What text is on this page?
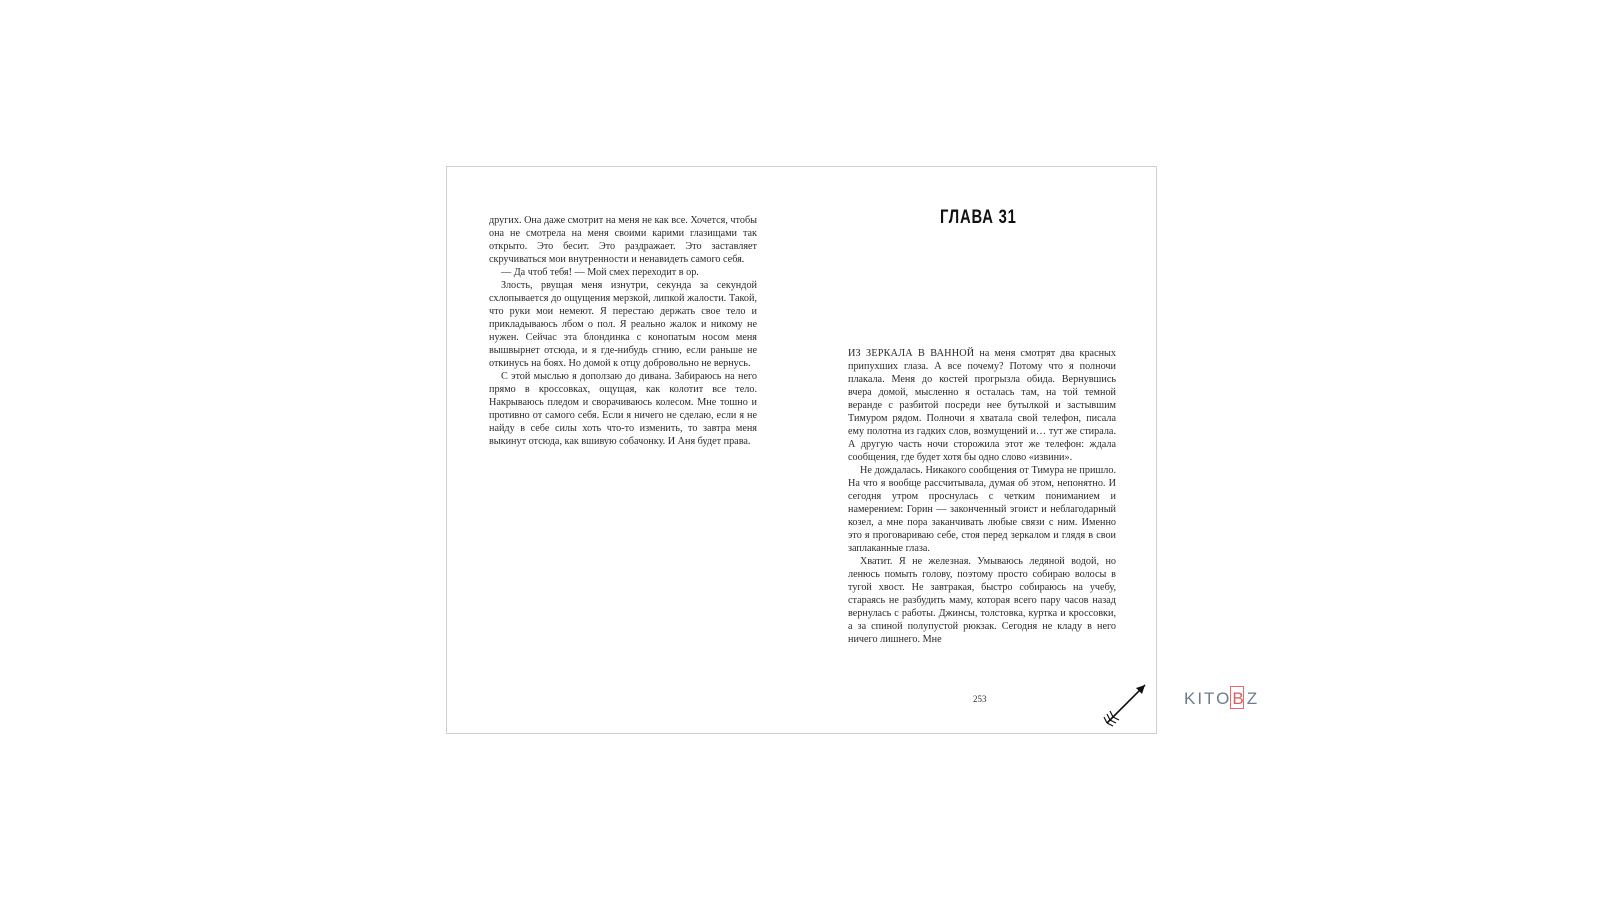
других. Она даже смотрит на меня не как все. Хочется, чтобы она не смотрела на меня своими карими глазищами так открыто. Это бесит. Это раздражает. Это заставляет скручиваться мои внутренности и ненавидеть самого себя.

— Да чтоб тебя! — Мой смех переходит в ор.

Злость, рвущая меня изнутри, секунда за секундой схлопывается до ощущения мерзкой, липкой жалости. Такой, что руки мои немеют. Я перестаю держать свое тело и прикладываюсь лбом о пол. Я реально жалок и никому не нужен. Сейчас эта блондинка с конопатым носом меня вышвырнет отсюда, и я где-нибудь сгнию, если раньше не откинусь на боях. Но домой к отцу добровольно не вернусь.

С этой мыслью я доползаю до дивана. Забираюсь на него прямо в кроссовках, ощущая, как колотит все тело. Накрываюсь пледом и сворачиваюсь колесом. Мне тошно и противно от самого себя. Если я ничего не сделаю, если я не найду в себе силы хоть что-то изменить, то завтра меня выкинут отсюда, как вшивую собачонку. И Аня будет права.

ГЛАВА 31

ИЗ ЗЕРКАЛА В ВАННОЙ на меня смотрят два красных припухших глаза. А все почему? Потому что я полночи плакала. Меня до костей прогрызла обида. Вернувшись вчера домой, мысленно я осталась там, на той темной веранде с разбитой посреди нее бутылкой и застывшим Тимуром рядом. Полночи я хватала свой телефон, писала ему полотна из гадких слов, возмущений и… тут же стирала. А другую часть ночи сторожила этот же телефон: ждала сообщения, где будет хотя бы одно слово «извини».

Не дождалась. Никакого сообщения от Тимура не пришло. На что я вообще рассчитывала, думая об этом, непонятно. И сегодня утром проснулась с четким пониманием и намерением: Горин — законченный эгоист и неблагодарный козел, а мне пора заканчивать любые связи с ним. Именно это я проговариваю себе, стоя перед зеркалом и глядя в свои заплаканные глаза.

Хватит. Я не железная. Умываюсь ледяной водой, но ленюсь помыть голову, поэтому просто собираю волосы в тугой хвост. Не завтракая, быстро собираюсь на учебу, стараясь не разбудить маму, которая всего пару часов назад вернулась с работы. Джинсы, толстовка, куртка и кроссовки, а за спиной полупустой рюкзак. Сегодня не кладу в него ничего лишнего. Мне

253	KITO B Z
